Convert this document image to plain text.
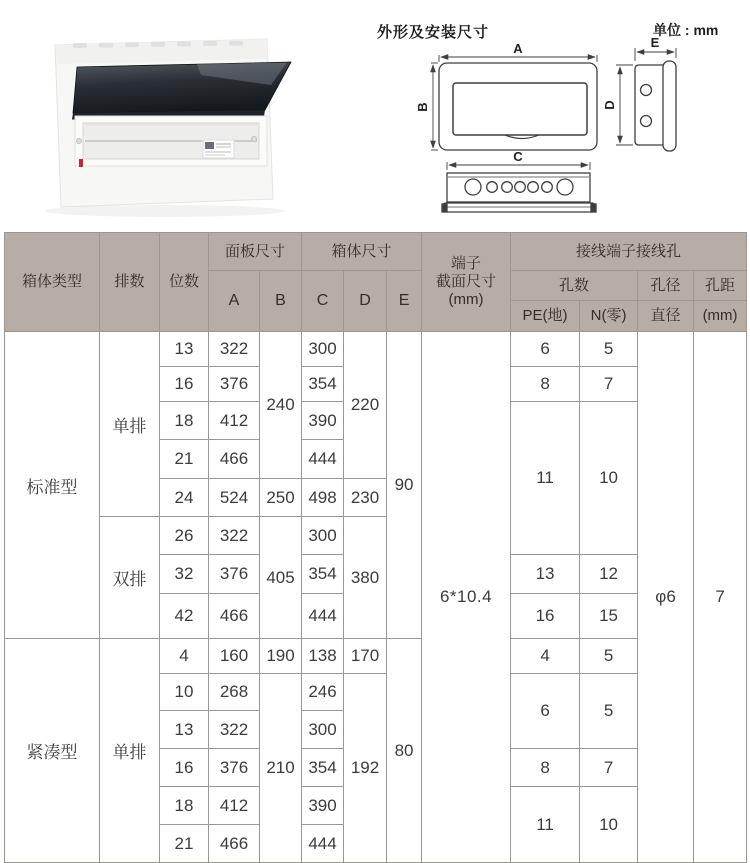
外形及安装尺寸	单位 : mm
A
B
C
D
E
箱体类型	排数	位数	面板尺寸		箱体尺寸			端子
截面尺寸
(mm)	接线端子接线孔			
			A	B	C	D	E		孔数		孔径	孔距
									PE(地)	N(零)	直径	(mm)
标准型	单排	13	322	240	300	220	90	6*10.4	6	5	φ6	7
		16	376		354				8	7		
		18	412		390				11	10		
		21	466		444							
		24	524	250	498	230						
	双排	26	322	405	300	380						
		32	376		354				13	12		
		42	466		444				16	15		
紧凑型	单排	4	160	190	138	170	80		4	5		
		10	268	210	246	192			6	5		
		13	322		300							
		16	376		354				8	7		
		18	412		390				11	10		
		21	466		444							
